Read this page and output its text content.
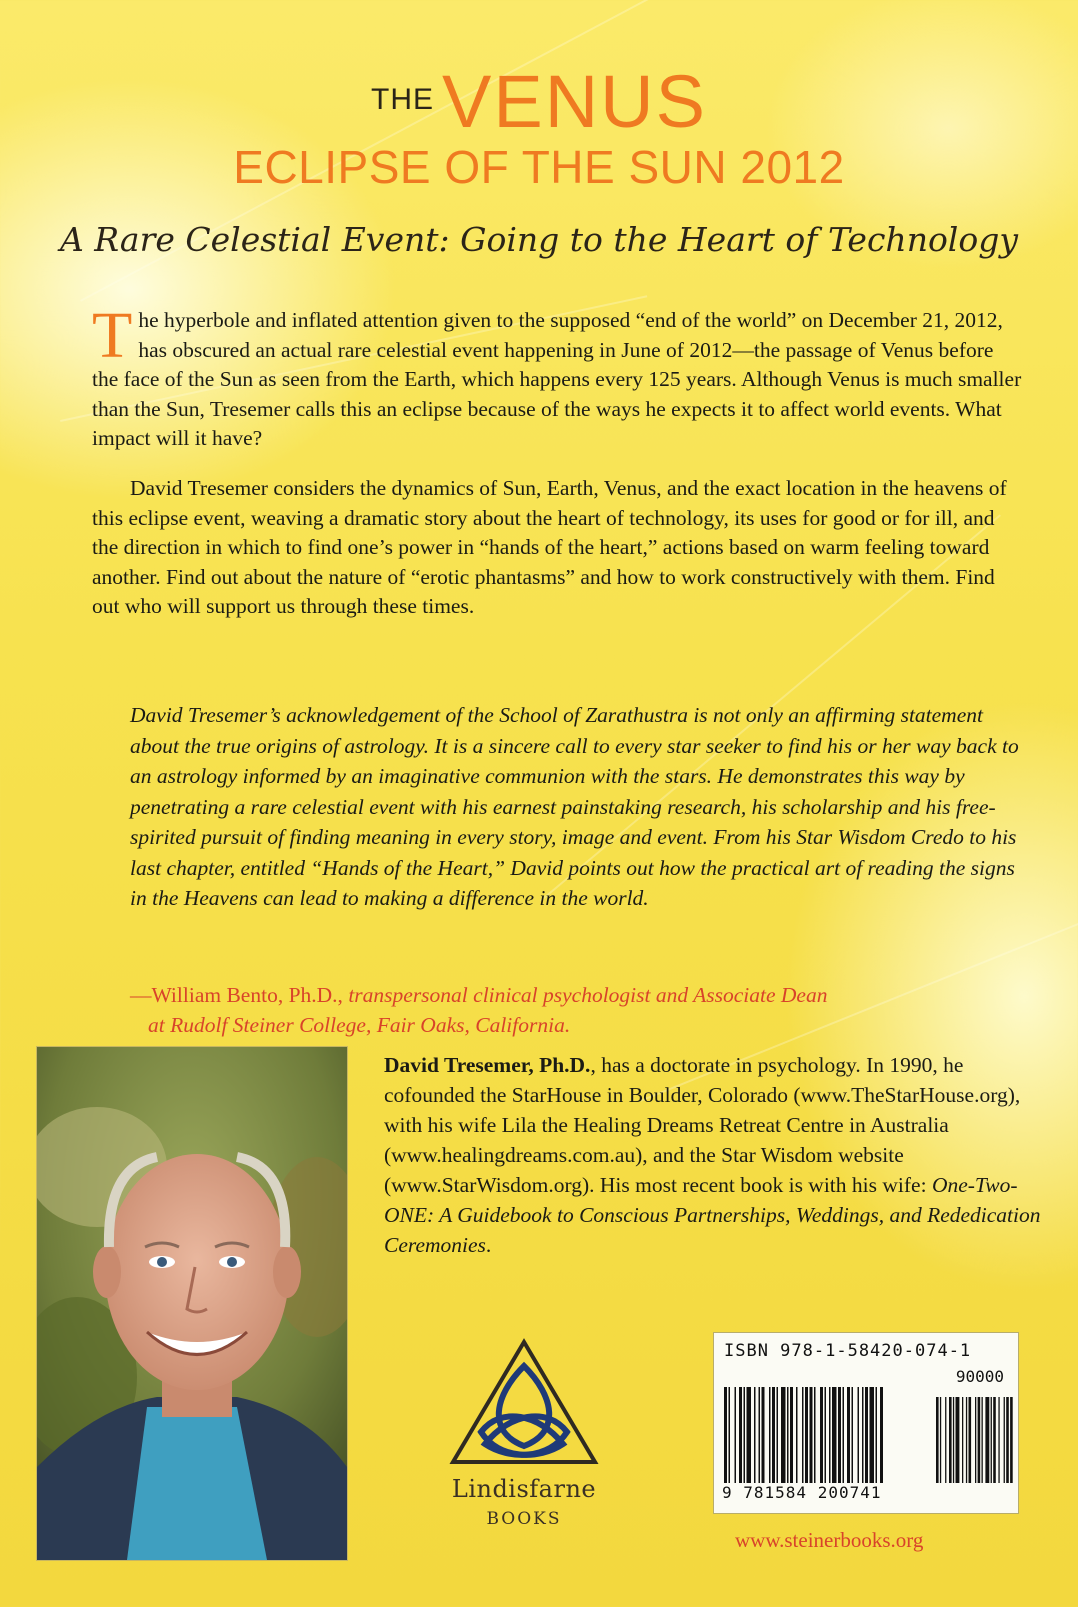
THE VENUS
ECLIPSE OF THE SUN 2012
A Rare Celestial Event: Going to the Heart of Technology
The hyperbole and inflated attention given to the supposed “end of the world” on December 21, 2012, has obscured an actual rare celestial event happening in June of 2012—the passage of Venus before the face of the Sun as seen from the Earth, which happens every 125 years. Although Venus is much smaller than the Sun, Tresemer calls this an eclipse because of the ways he expects it to affect world events. What impact will it have?
David Tresemer considers the dynamics of Sun, Earth, Venus, and the exact location in the heavens of this eclipse event, weaving a dramatic story about the heart of technology, its uses for good or for ill, and the direction in which to find one’s power in “hands of the heart,” actions based on warm feeling toward another. Find out about the nature of “erotic phantasms” and how to work constructively with them. Find out who will support us through these times.
David Tresemer’s acknowledgement of the School of Zarathustra is not only an affirming statement about the true origins of astrology. It is a sincere call to every star seeker to find his or her way back to an astrology informed by an imaginative communion with the stars. He demonstrates this way by penetrating a rare celestial event with his earnest painstaking research, his scholarship and his free-spirited pursuit of finding meaning in every story, image and event. From his Star Wisdom Credo to his last chapter, entitled “Hands of the Heart,” David points out how the practical art of reading the signs in the Heavens can lead to making a difference in the world.
—William Bento, Ph.D., transpersonal clinical psychologist and Associate Dean
at Rudolf Steiner College, Fair Oaks, California.
David Tresemer, Ph.D., has a doctorate in psychology. In 1990, he cofounded the StarHouse in Boulder, Colorado (www.TheStarHouse.org), with his wife Lila the Healing Dreams Retreat Centre in Australia (www.healingdreams.com.au), and the Star Wisdom website (www.StarWisdom.org). His most recent book is with his wife: One-Two-ONE: A Guidebook to Conscious Partnerships, Weddings, and Rededication Ceremonies.
Lindisfarne
BOOKS
ISBN 978-1-58420-074-1
90000
9 781584 200741
www.steinerbooks.org
